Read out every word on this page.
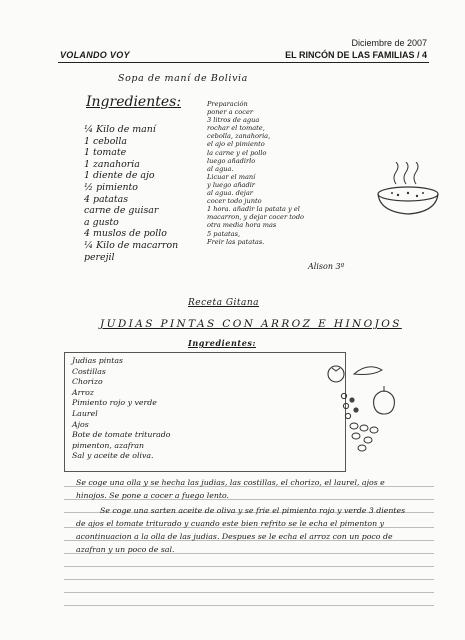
Diciembre de 2007
VOLANDO VOY	EL RINCÓN DE LAS FAMILIAS / 4
Sopa de maní de Bolivia
Ingredientes:
¼ Kilo de maní
1 cebolla
1 tomate
1 zanahoria
1 diente de ajo
½ pimiento
4 patatas
carne de guisar
a gusto
4 muslos de pollo
¼ Kilo de macarron
perejil
Preparación
poner a cocer
3 litros de agua
rochar el tomate,
cebolla, zanahoria,
el ajo el pimiento
la carne y el pollo
luego añadirlo
al agua.
Licuar el maní
y luego añadir
al agua. dejar
cocer todo junto
1 hora. añadir la patata y el
macarron, y dejar cocer todo
otra media hora mas
5 patatas,
Freir las patatas.
Alison 3º
Receta Gitana
JUDIAS PINTAS CON ARROZ E HINOJOS
Ingredientes:
Judias pintas
Costillas
Chorizo
Arroz
Pimiento rojo y verde
Laurel
Ajos
Bote de tomate triturado
pimenton, azafran
Sal y aceite de oliva.

Se coge una olla y se hecha las judias, las costillas, el chorizo, el laurel, ajos e hinojos. Se pone a cocer a fuego lento.

Se coge una sarten aceite de oliva y se frie el pimiento rojo y verde 3 dientes de ajos el tomate triturado y cuando este bien refrito se le echa el pimenton y acontinuacion a la olla de las judias. Despues se le echa el arroz con un poco de azafran y un poco de sal.
